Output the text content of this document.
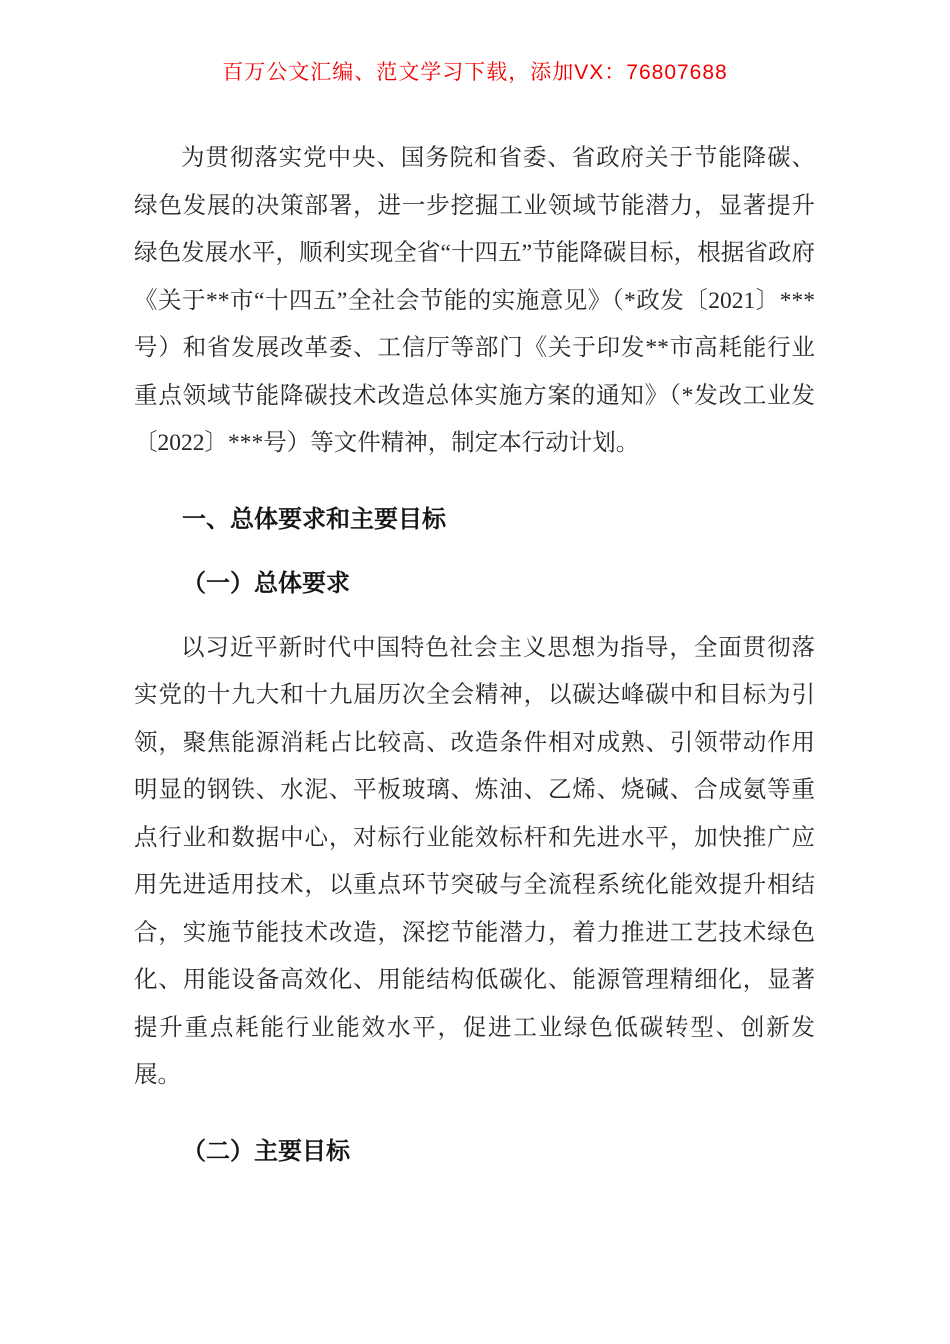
百万公文汇编、范文学习下载，添加VX：76807688

为贯彻落实党中央、国务院和省委、省政府关于节能降碳、绿色发展的决策部署，进一步挖掘工业领域节能潜力，显著提升绿色发展水平，顺利实现全省“十四五”节能降碳目标，根据省政府《关于**市“十四五”全社会节能的实施意见》（*政发〔2021〕***号）和省发展改革委、工信厅等部门《关于印发**市高耗能行业重点领域节能降碳技术改造总体实施方案的通知》（*发改工业发〔2022〕***号）等文件精神，制定本行动计划。

一、总体要求和主要目标
（一）总体要求

以习近平新时代中国特色社会主义思想为指导，全面贯彻落实党的十九大和十九届历次全会精神，以碳达峰碳中和目标为引领，聚焦能源消耗占比较高、改造条件相对成熟、引领带动作用明显的钢铁、水泥、平板玻璃、炼油、乙烯、烧碱、合成氨等重点行业和数据中心，对标行业能效标杆和先进水平，加快推广应用先进适用技术，以重点环节突破与全流程系统化能效提升相结合，实施节能技术改造，深挖节能潜力，着力推进工艺技术绿色化、用能设备高效化、用能结构低碳化、能源管理精细化，显著提升重点耗能行业能效水平，促进工业绿色低碳转型、创新发展。

（二）主要目标
